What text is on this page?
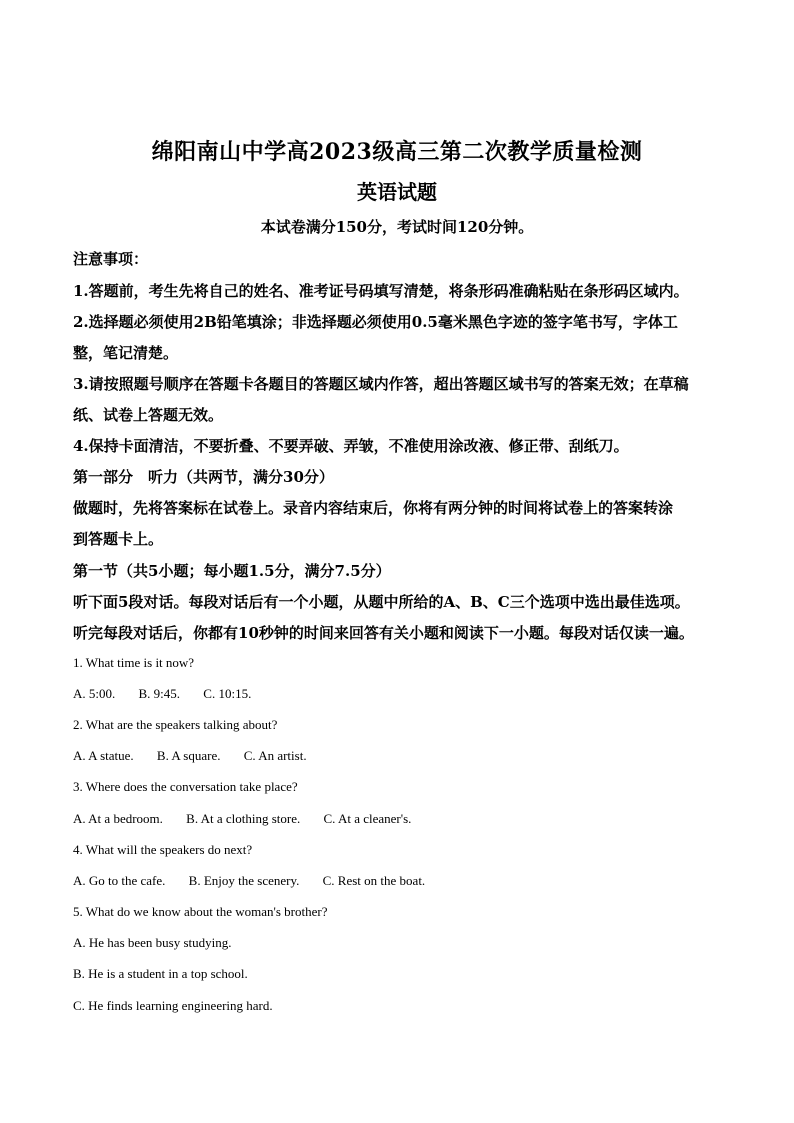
绵阳南山中学高2023级高三第二次教学质量检测
英语试题
本试卷满分150分，考试时间120分钟。
注意事项：
1.答题前，考生先将自己的姓名、准考证号码填写清楚，将条形码准确粘贴在条形码区域内。
2.选择题必须使用2B铅笔填涂；非选择题必须使用0.5毫米黑色字迹的签字笔书写，字体工
整，笔记清楚。
3.请按照题号顺序在答题卡各题目的答题区域内作答，超出答题区域书写的答案无效；在草稿
纸、试卷上答题无效。
4.保持卡面清洁，不要折叠、不要弄破、弄皱，不准使用涂改液、修正带、刮纸刀。
第一部分　听力（共两节，满分30分）
做题时，先将答案标在试卷上。录音内容结束后，你将有两分钟的时间将试卷上的答案转涂
到答题卡上。
第一节（共5小题；每小题1.5分，满分7.5分）
听下面5段对话。每段对话后有一个小题，从题中所给的A、B、C三个选项中选出最佳选项。
听完每段对话后，你都有10秒钟的时间来回答有关小题和阅读下一小题。每段对话仅读一遍。
1. What time is it now?
A. 5:00. B. 9:45. C. 10:15.
2. What are the speakers talking about?
A. A statue. B. A square. C. An artist.
3. Where does the conversation take place?
A. At a bedroom. B. At a clothing store. C. At a cleaner's.
4. What will the speakers do next?
A. Go to the cafe. B. Enjoy the scenery. C. Rest on the boat.
5. What do we know about the woman's brother?
A. He has been busy studying.
B. He is a student in a top school.
C. He finds learning engineering hard.
